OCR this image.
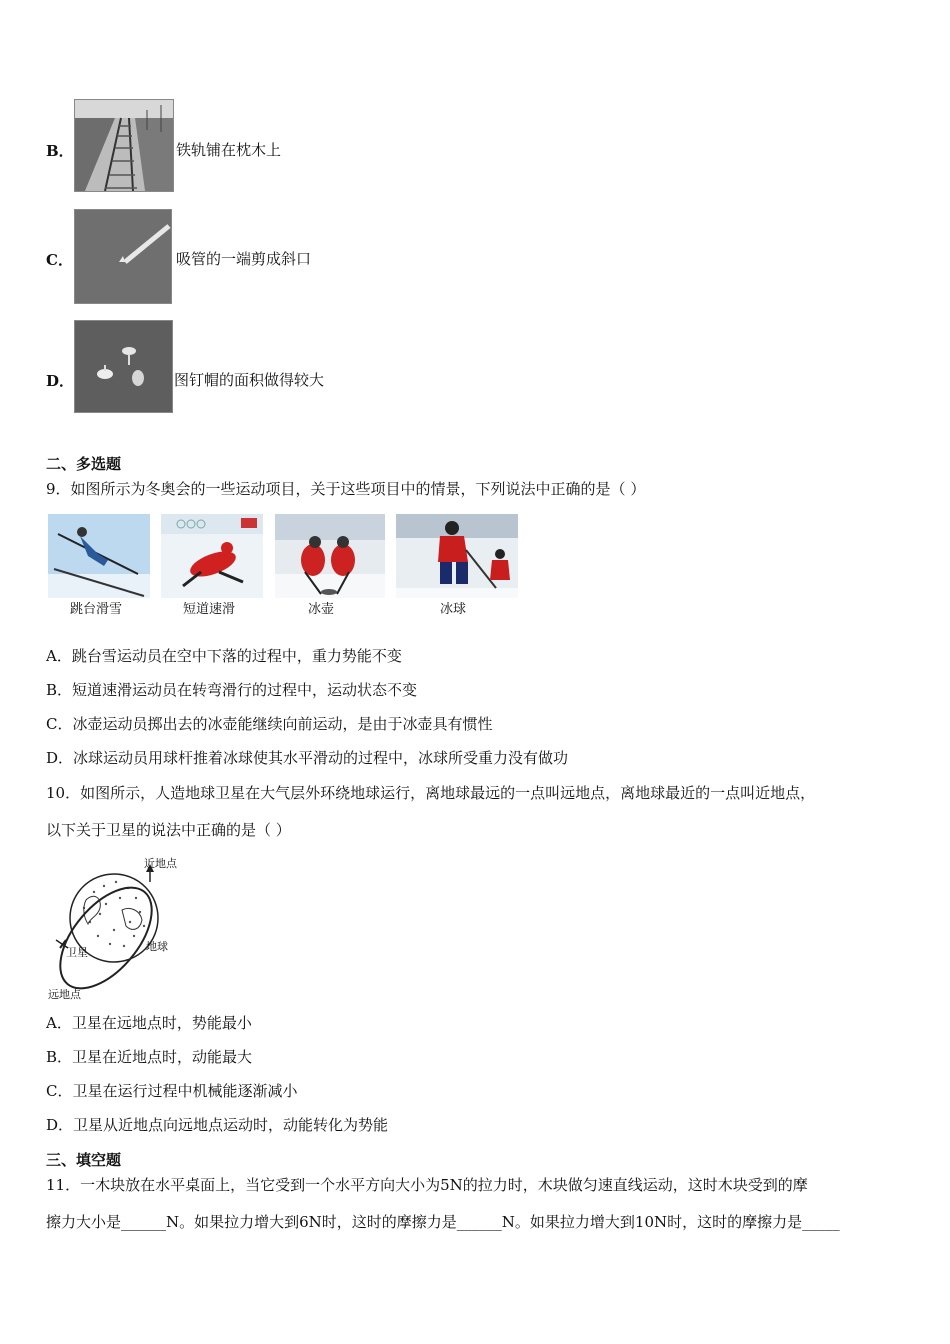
B．	铁轨铺在枕木上
C．	吸管的一端剪成斜口
D．	图钉帽的面积做得较大
二、多选题
9．如图所示为冬奥会的一些运动项目，关于这些项目中的情景，下列说法中正确的是（ ）
跳台滑雪	短道速滑	冰壶	冰球
A．跳台雪运动员在空中下落的过程中，重力势能不变
B．短道速滑运动员在转弯滑行的过程中，运动状态不变
C．冰壶运动员掷出去的冰壶能继续向前运动，是由于冰壶具有惯性
D．冰球运动员用球杆推着冰球使其水平滑动的过程中，冰球所受重力没有做功
10．如图所示，人造地球卫星在大气层外环绕地球运行，离地球最远的一点叫远地点，离地球最近的一点叫近地点，
以下关于卫星的说法中正确的是（ ）
近地点
地球
卫星
远地点
A．卫星在远地点时，势能最小
B．卫星在近地点时，动能最大
C．卫星在运行过程中机械能逐渐减小
D．卫星从近地点向远地点运动时，动能转化为势能
三、填空题
11．一木块放在水平桌面上，当它受到一个水平方向大小为5N的拉力时，木块做匀速直线运动，这时木块受到的摩
擦力大小是______N。如果拉力增大到6N时，这时的摩擦力是______N。如果拉力增大到10N时，这时的摩擦力是_____
